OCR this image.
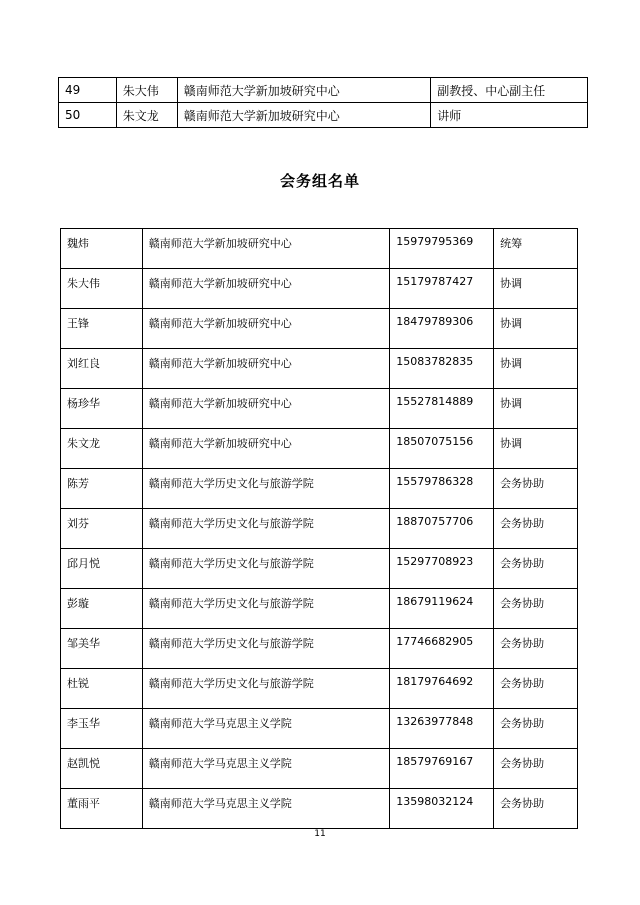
49	朱大伟	赣南师范大学新加坡研究中心	副教授、中心副主任
50	朱文龙	赣南师范大学新加坡研究中心	讲师
会务组名单
魏炜	赣南师范大学新加坡研究中心	15979795369	统筹
朱大伟	赣南师范大学新加坡研究中心	15179787427	协调
王锋	赣南师范大学新加坡研究中心	18479789306	协调
刘红良	赣南师范大学新加坡研究中心	15083782835	协调
杨珍华	赣南师范大学新加坡研究中心	15527814889	协调
朱文龙	赣南师范大学新加坡研究中心	18507075156	协调
陈芳	赣南师范大学历史文化与旅游学院	15579786328	会务协助
刘芬	赣南师范大学历史文化与旅游学院	18870757706	会务协助
邱月悦	赣南师范大学历史文化与旅游学院	15297708923	会务协助
彭璇	赣南师范大学历史文化与旅游学院	18679119624	会务协助
邹美华	赣南师范大学历史文化与旅游学院	17746682905	会务协助
杜锐	赣南师范大学历史文化与旅游学院	18179764692	会务协助
李玉华	赣南师范大学马克思主义学院	13263977848	会务协助
赵凯悦	赣南师范大学马克思主义学院	18579769167	会务协助
董雨平	赣南师范大学马克思主义学院	13598032124	会务协助
11
